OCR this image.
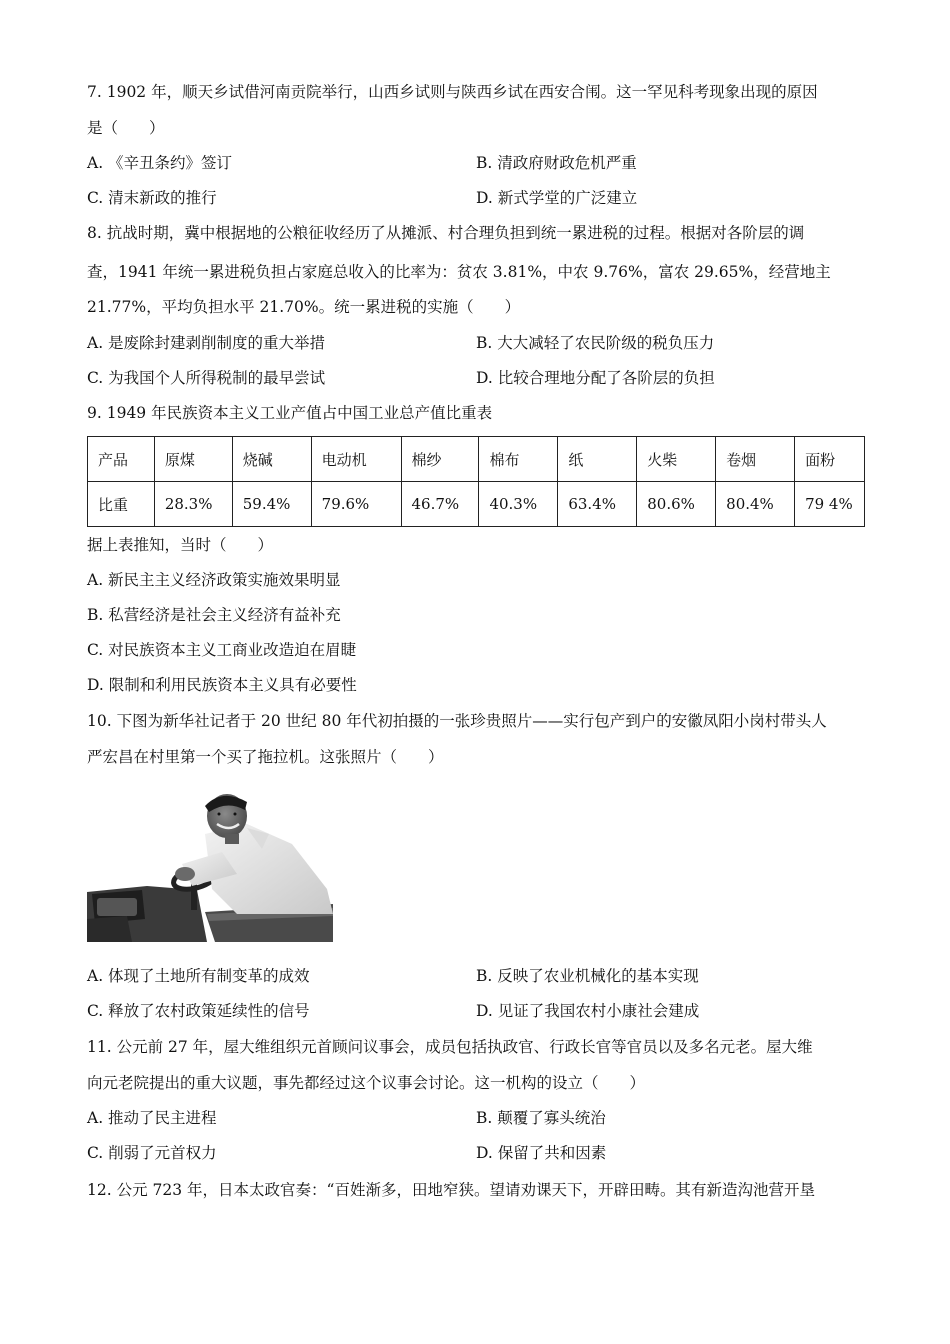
7. 1902 年，顺天乡试借河南贡院举行，山西乡试则与陕西乡试在西安合闱。这一罕见科考现象出现的原因
是（　　）
A. 《辛丑条约》签订	B. 清政府财政危机严重
C. 清末新政的推行	D. 新式学堂的广泛建立
8. 抗战时期，冀中根据地的公粮征收经历了从摊派、村合理负担到统一累进税的过程。根据对各阶层的调
查，1941 年统一累进税负担占家庭总收入的比率为：贫农 3.81%，中农 9.76%，富农 29.65%，经营地主
21.77%，平均负担水平 21.70%。统一累进税的实施（　　）
A. 是废除封建剥削制度的重大举措	B. 大大减轻了农民阶级的税负压力
C. 为我国个人所得税制的最早尝试	D. 比较合理地分配了各阶层的负担
9. 1949 年民族资本主义工业产值占中国工业总产值比重表
产品	原煤	烧碱	电动机	棉纱	棉布	纸	火柴	卷烟	面粉
比重	28.3%	59.4%	79.6%	46.7%	40.3%	63.4%	80.6%	80.4%	79 4%
据上表推知，当时（　　）
A. 新民主主义经济政策实施效果明显
B. 私营经济是社会主义经济有益补充
C. 对民族资本主义工商业改造迫在眉睫
D. 限制和利用民族资本主义具有必要性
10. 下图为新华社记者于 20 世纪 80 年代初拍摄的一张珍贵照片——实行包产到户的安徽凤阳小岗村带头人
严宏昌在村里第一个买了拖拉机。这张照片（　　）
A. 体现了土地所有制变革的成效	B. 反映了农业机械化的基本实现
C. 释放了农村政策延续性的信号	D. 见证了我国农村小康社会建成
11. 公元前 27 年，屋大维组织元首顾问议事会，成员包括执政官、行政长官等官员以及多名元老。屋大维
向元老院提出的重大议题，事先都经过这个议事会讨论。这一机构的设立（　　）
A. 推动了民主进程	B. 颠覆了寡头统治
C. 削弱了元首权力	D. 保留了共和因素
12. 公元 723 年，日本太政官奏：“百姓渐多，田地窄狭。望请劝课天下，开辟田畴。其有新造沟池营开垦
